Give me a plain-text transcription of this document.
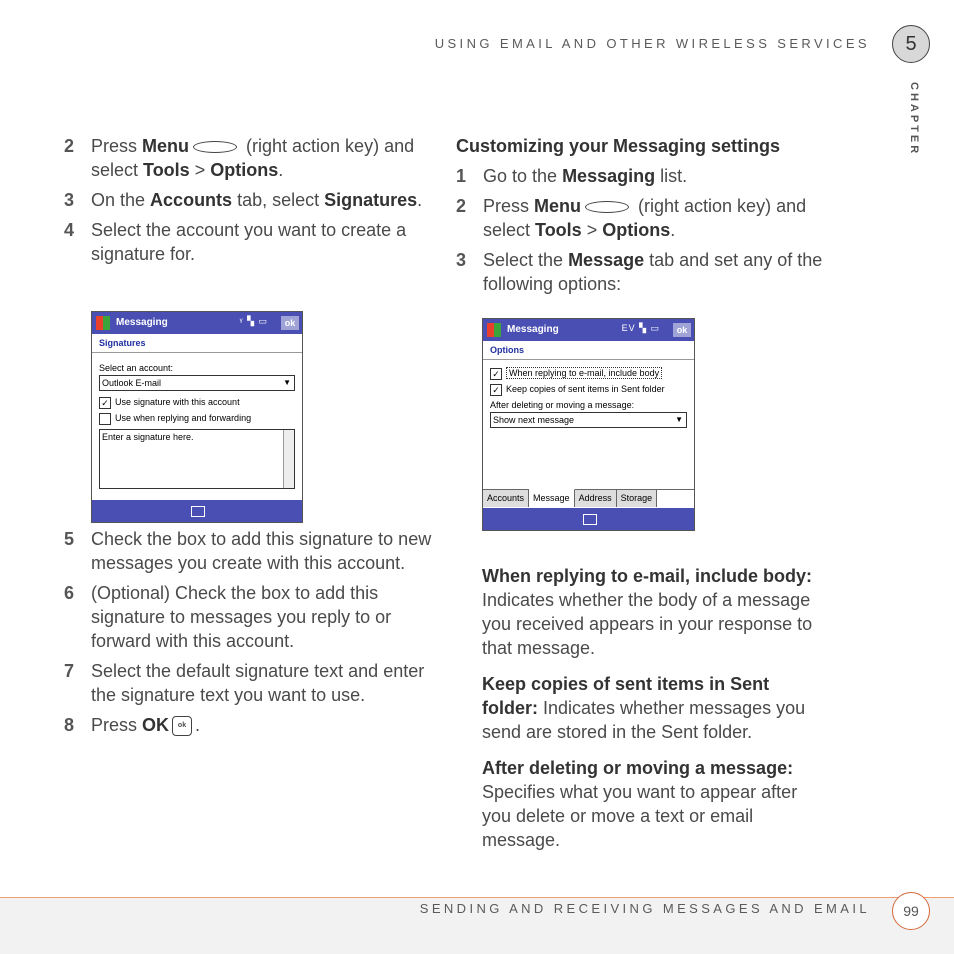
USING EMAIL AND OTHER WIRELESS SERVICES	5
CHAPTER
2 Press Menu	(right action key) and select Tools > Options.
3 On the Accounts tab, select Signatures.
4 Select the account you want to create a signature for.
5 Check the box to add this signature to new messages you create with this account.
6 (Optional) Check the box to add this signature to messages you reply to or forward with this account.
7 Select the default signature text and enter the signature text you want to use.
8 Press OK ok .
Messaging	ᵞ ▚ ▭	ok
Signatures
Select an account:
Outlook E-mail	▼
✓ Use signature with this account
Use when replying and forwarding
Enter a signature here.
Customizing your Messaging settings
1 Go to the Messaging list.
2 Press Menu	(right action key) and select Tools > Options.
3 Select the Message tab and set any of the following options:
When replying to e-mail, include body: Indicates whether the body of a message you received appears in your response to that message.
Keep copies of sent items in Sent folder: Indicates whether messages you send are stored in the Sent folder.
After deleting or moving a message: Specifies what you want to appear after you delete or move a text or email message.
Messaging	EV ▚ ▭	ok
Options
✓ When replying to e-mail, include body
✓ Keep copies of sent items in Sent folder
After deleting or moving a message:
Show next message	▼
Accounts	Message	Address	Storage
SENDING AND RECEIVING MESSAGES AND EMAIL	99
